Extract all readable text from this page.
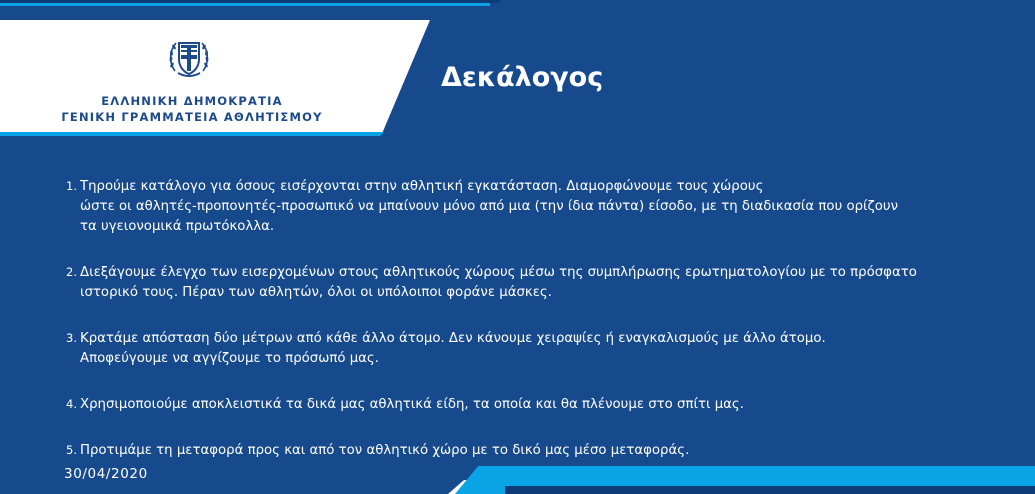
ΕΛΛΗΝΙΚΗ ΔΗΜΟΚΡΑΤΙΑ
ΓΕΝΙΚΗ ΓΡΑΜΜΑΤΕΙΑ ΑΘΛΗΤΙΣΜΟΥ
Δεκάλογος
1. Τηρούμε κατάλογο για όσους εισέρχονται στην αθλητική εγκατάσταση. Διαμορφώνουμε τους χώρους
ώστε οι αθλητές-προπονητές-προσωπικό να μπαίνουν μόνο από μια (την ίδια πάντα) είσοδο, με τη διαδικασία που ορίζουν
τα υγειονομικά πρωτόκολλα.
2. Διεξάγουμε έλεγχο των εισερχομένων στους αθλητικούς χώρους μέσω της συμπλήρωσης ερωτηματολογίου με το πρόσφατο
ιστορικό τους. Πέραν των αθλητών, όλοι οι υπόλοιποι φοράνε μάσκες.
3. Κρατάμε απόσταση δύο μέτρων από κάθε άλλο άτομο. Δεν κάνουμε χειραψίες ή εναγκαλισμούς με άλλο άτομο.
Αποφεύγουμε να αγγίζουμε το πρόσωπό μας.
4. Χρησιμοποιούμε αποκλειστικά τα δικά μας αθλητικά είδη, τα οποία και θα πλένουμε στο σπίτι μας.
5. Προτιμάμε τη μεταφορά προς και από τον αθλητικό χώρο με το δικό μας μέσο μεταφοράς.
30/04/2020
